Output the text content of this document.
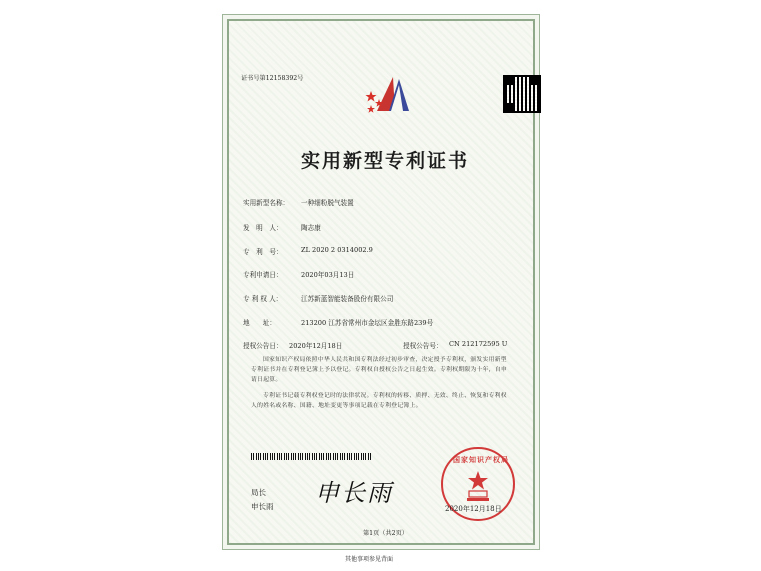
证书号第12158392号
实用新型专利证书
实用新型名称： 一种细粉脱气装置
发　明　人：	陶志康
专　利　号：	ZL 2020 2 0314002.9
专利申请日：	2020年03月13日
专 利 权 人：	江苏新蓝智能装备股份有限公司
地　　址：	213200 江苏省常州市金坛区金胜东路239号
授权公告日： 2020年12月18日	授权公告号： CN 212172595 U
国家知识产权局依照中华人民共和国专利法经过初步审查，决定授予专利权，颁发实用新型专利证书并在专利登记簿上予以登记。专利权自授权公告之日起生效。专利权期限为十年，自申请日起算。
专利证书记载专利权登记时的法律状况。专利权的转移、质押、无效、终止、恢复和专利权人的姓名或名称、国籍、地址变更等事项记载在专利登记簿上。
局长
申长雨 申长雨
国家知识产权局
2020年12月18日
第1页（共2页）
其他事项参见背面
